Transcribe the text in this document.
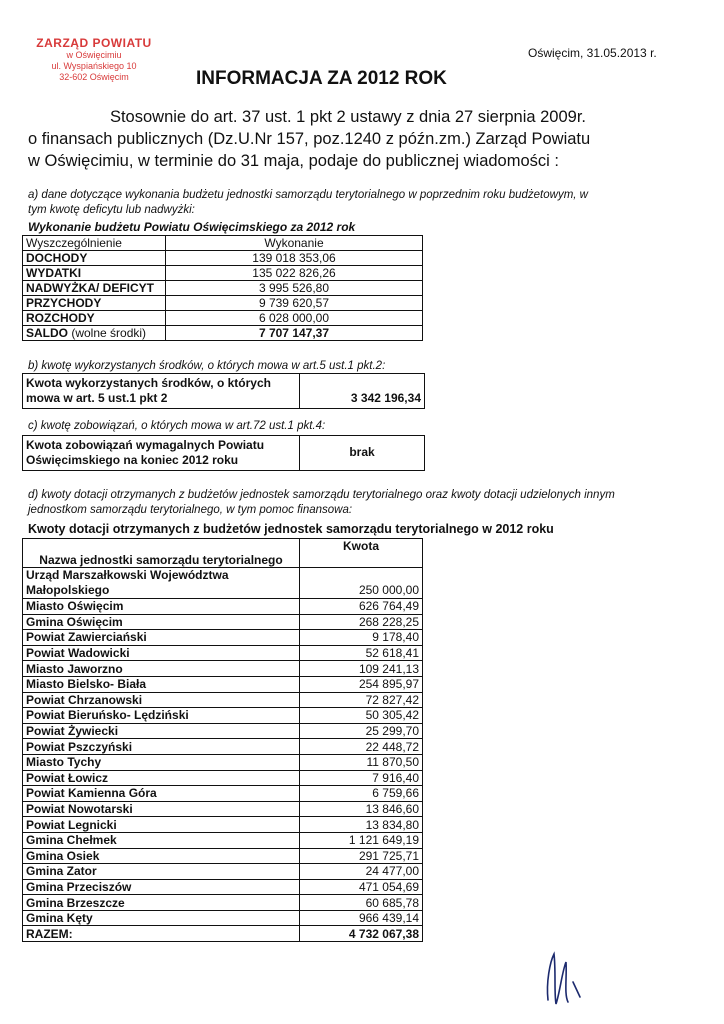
ZARZĄD POWIATU
w Oświęcimiu
ul. Wyspiańskiego 10
32-602 Oświęcim
Oświęcim, 31.05.2013 r.
INFORMACJA ZA 2012 ROK
Stosownie do art. 37 ust. 1 pkt 2 ustawy z dnia 27 sierpnia 2009r.
o finansach publicznych (Dz.U.Nr 157, poz.1240 z późn.zm.) Zarząd Powiatu
w Oświęcimiu, w terminie do 31 maja, podaje do publicznej wiadomości :
a) dane dotyczące wykonania budżetu jednostki samorządu terytorialnego w poprzednim roku budżetowym, w
tym kwotę deficytu lub nadwyżki:
Wykonanie budżetu Powiatu Oświęcimskiego za 2012 rok
Wyszczególnienie	Wykonanie
DOCHODY	139 018 353,06
WYDATKI	135 022 826,26
NADWYŻKA/ DEFICYT	3 995 526,80
PRZYCHODY	9 739 620,57
ROZCHODY	6 028 000,00
SALDO (wolne środki)	7 707 147,37
b) kwotę wykorzystanych środków, o których mowa w art.5 ust.1 pkt.2:
Kwota wykorzystanych środków, o których
mowa w art. 5 ust.1 pkt 2	3 342 196,34
c) kwotę zobowiązań, o których mowa w art.72 ust.1 pkt.4:
Kwota zobowiązań wymagalnych Powiatu
Oświęcimskiego na koniec 2012 roku
	brak
d) kwoty dotacji otrzymanych z budżetów jednostek samorządu terytorialnego oraz kwoty dotacji udzielonych innym
jednostkom samorządu terytorialnego, w tym pomoc finansowa:
Kwoty dotacji otrzymanych z budżetów jednostek samorządu terytorialnego w 2012 roku
Nazwa jednostki samorządu terytorialnego	Kwota
Urząd Marszałkowski Województwa Małopolskiego	250 000,00
Miasto Oświęcim	626 764,49
Gmina Oświęcim	268 228,25
Powiat Zawierciański	9 178,40
Powiat Wadowicki	52 618,41
Miasto Jaworzno	109 241,13
Miasto Bielsko- Biała	254 895,97
Powiat Chrzanowski	72 827,42
Powiat Bieruńsko- Lędziński	50 305,42
Powiat Żywiecki	25 299,70
Powiat Pszczyński	22 448,72
Miasto Tychy	11 870,50
Powiat Łowicz	7 916,40
Powiat Kamienna Góra	6 759,66
Powiat Nowotarski	13 846,60
Powiat Legnicki	13 834,80
Gmina Chełmek	1 121 649,19
Gmina Osiek	291 725,71
Gmina Zator	24 477,00
Gmina Przeciszów	471 054,69
Gmina Brzeszcze	60 685,78
Gmina Kęty	966 439,14
RAZEM:	4 732 067,38
